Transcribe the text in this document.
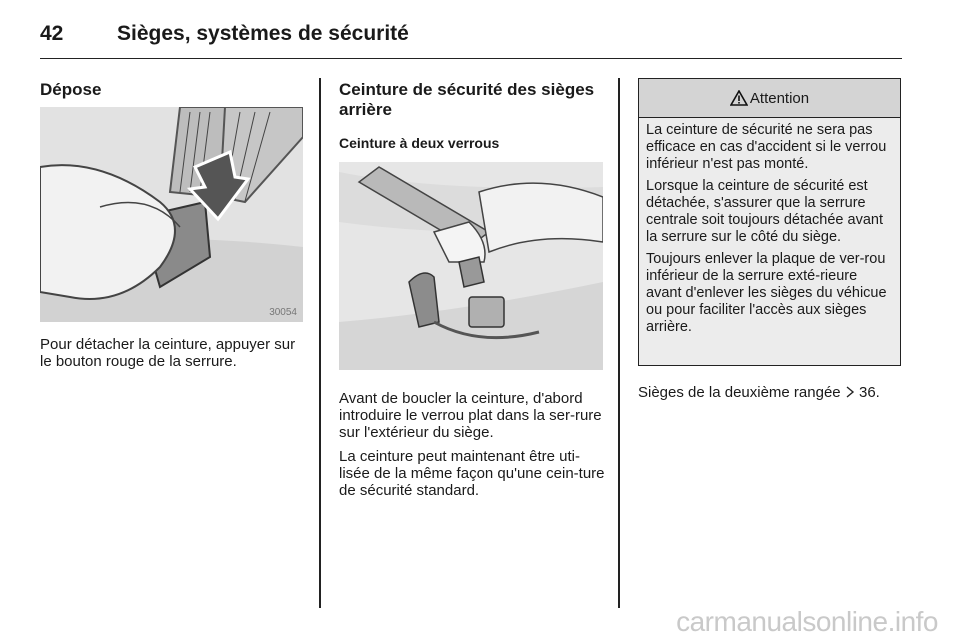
42	Sièges, systèmes de sécurité
Dépose
30054

Pour détacher la ceinture, appuyer sur le bouton rouge de la serrure.

Ceinture de sécurité des sièges arrière
Ceinture à deux verrous

Avant de boucler la ceinture, d'abord introduire le verrou plat dans la ser-rure sur l'extérieur du siège.

La ceinture peut maintenant être uti-lisée de la même façon qu'une cein-ture de sécurité standard.

Attention

La ceinture de sécurité ne sera pas efficace en cas d'accident si le verrou inférieur n'est pas monté.

Lorsque la ceinture de sécurité est détachée, s'assurer que la serrure centrale soit toujours détachée avant la serrure sur le côté du siège.

Toujours enlever la plaque de ver-rou inférieur de la serrure exté-rieure avant d'enlever les sièges du véhicue ou pour faciliter l'accès aux sièges arrière.

Sièges de la deuxième rangée 36.

carmanualsonline.info
